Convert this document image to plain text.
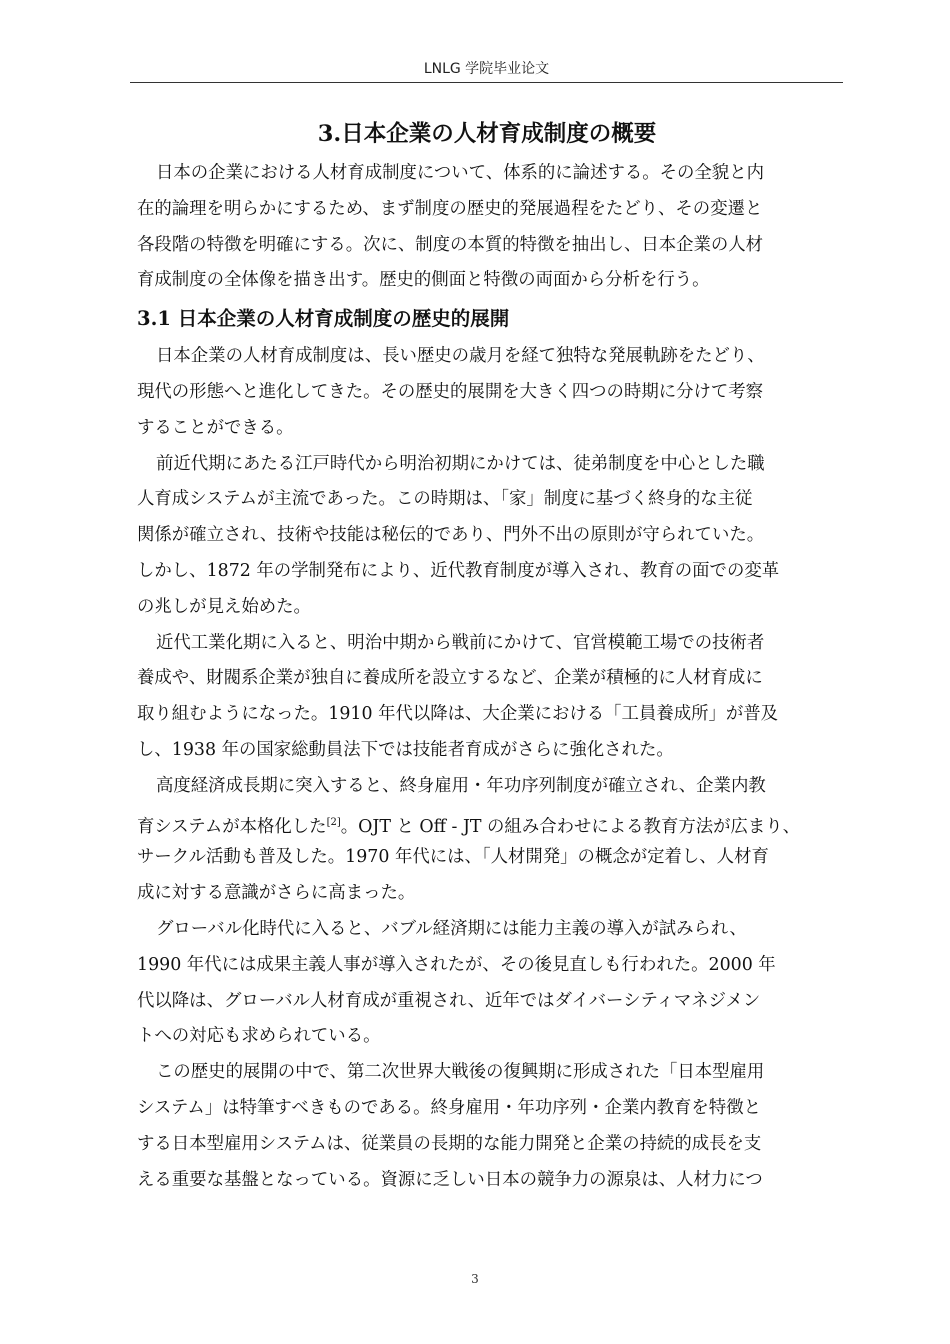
LNLG 学院毕业论文
3.日本企業の人材育成制度の概要

日本の企業における人材育成制度について、体系的に論述する。その全貌と内
在的論理を明らかにするため、まず制度の歴史的発展過程をたどり、その変遷と
各段階の特徴を明確にする。次に、制度の本質的特徴を抽出し、日本企業の人材
育成制度の全体像を描き出す。歴史的側面と特徴の両面から分析を行う。

3.1 日本企業の人材育成制度の歴史的展開

日本企業の人材育成制度は、長い歴史の歳月を経て独特な発展軌跡をたどり、
現代の形態へと進化してきた。その歴史的展開を大きく四つの時期に分けて考察
することができる。

前近代期にあたる江戸時代から明治初期にかけては、徒弟制度を中心とした職
人育成システムが主流であった。この時期は、「家」制度に基づく終身的な主従
関係が確立され、技術や技能は秘伝的であり、門外不出の原則が守られていた。
しかし、1872 年の学制発布により、近代教育制度が導入され、教育の面での変革
の兆しが見え始めた。

近代工業化期に入ると、明治中期から戦前にかけて、官営模範工場での技術者
養成や、財閥系企業が独自に養成所を設立するなど、企業が積極的に人材育成に
取り組むようになった。1910 年代以降は、大企業における「工員養成所」が普及
し、1938 年の国家総動員法下では技能者育成がさらに強化された。

高度経済成長期に突入すると、終身雇用・年功序列制度が確立され、企業内教
育システムが本格化した[2]。OJT と Off - JT の組み合わせによる教育方法が広まり、
サークル活動も普及した。1970 年代には、「人材開発」の概念が定着し、人材育
成に対する意識がさらに高まった。

グローバル化時代に入ると、バブル経済期には能力主義の導入が試みられ、
1990 年代には成果主義人事が導入されたが、その後見直しも行われた。2000 年
代以降は、グローバル人材育成が重視され、近年ではダイバーシティマネジメン
トへの対応も求められている。

この歴史的展開の中で、第二次世界大戦後の復興期に形成された「日本型雇用
システム」は特筆すべきものである。終身雇用・年功序列・企業内教育を特徴と
する日本型雇用システムは、従業員の長期的な能力開発と企業の持続的成長を支
える重要な基盤となっている。資源に乏しい日本の競争力の源泉は、人材力につ

3
